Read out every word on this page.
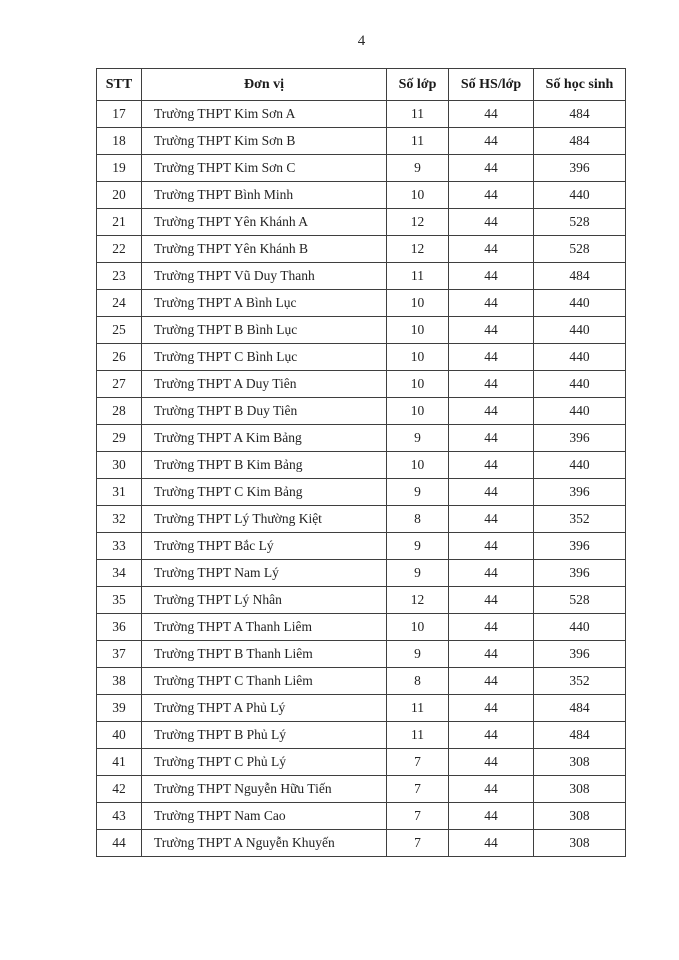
4
STT	Đơn vị	Số lớp	Số HS/lớp	Số học sinh
17	Trường THPT Kim Sơn A	11	44	484
18	Trường THPT Kim Sơn B	11	44	484
19	Trường THPT Kim Sơn C	9	44	396
20	Trường THPT Bình Minh	10	44	440
21	Trường THPT Yên Khánh A	12	44	528
22	Trường THPT Yên Khánh B	12	44	528
23	Trường THPT Vũ Duy Thanh	11	44	484
24	Trường THPT A Bình Lục	10	44	440
25	Trường THPT B Bình Lục	10	44	440
26	Trường THPT C Bình Lục	10	44	440
27	Trường THPT A Duy Tiên	10	44	440
28	Trường THPT B Duy Tiên	10	44	440
29	Trường THPT A Kim Bảng	9	44	396
30	Trường THPT B Kim Bảng	10	44	440
31	Trường THPT C Kim Bảng	9	44	396
32	Trường THPT Lý Thường Kiệt	8	44	352
33	Trường THPT Bắc Lý	9	44	396
34	Trường THPT Nam Lý	9	44	396
35	Trường THPT Lý Nhân	12	44	528
36	Trường THPT A Thanh Liêm	10	44	440
37	Trường THPT B Thanh Liêm	9	44	396
38	Trường THPT C Thanh Liêm	8	44	352
39	Trường THPT A Phủ Lý	11	44	484
40	Trường THPT B Phủ Lý	11	44	484
41	Trường THPT C Phủ Lý	7	44	308
42	Trường THPT Nguyễn Hữu Tiến	7	44	308
43	Trường THPT Nam Cao	7	44	308
44	Trường THPT A Nguyễn Khuyến	7	44	308
